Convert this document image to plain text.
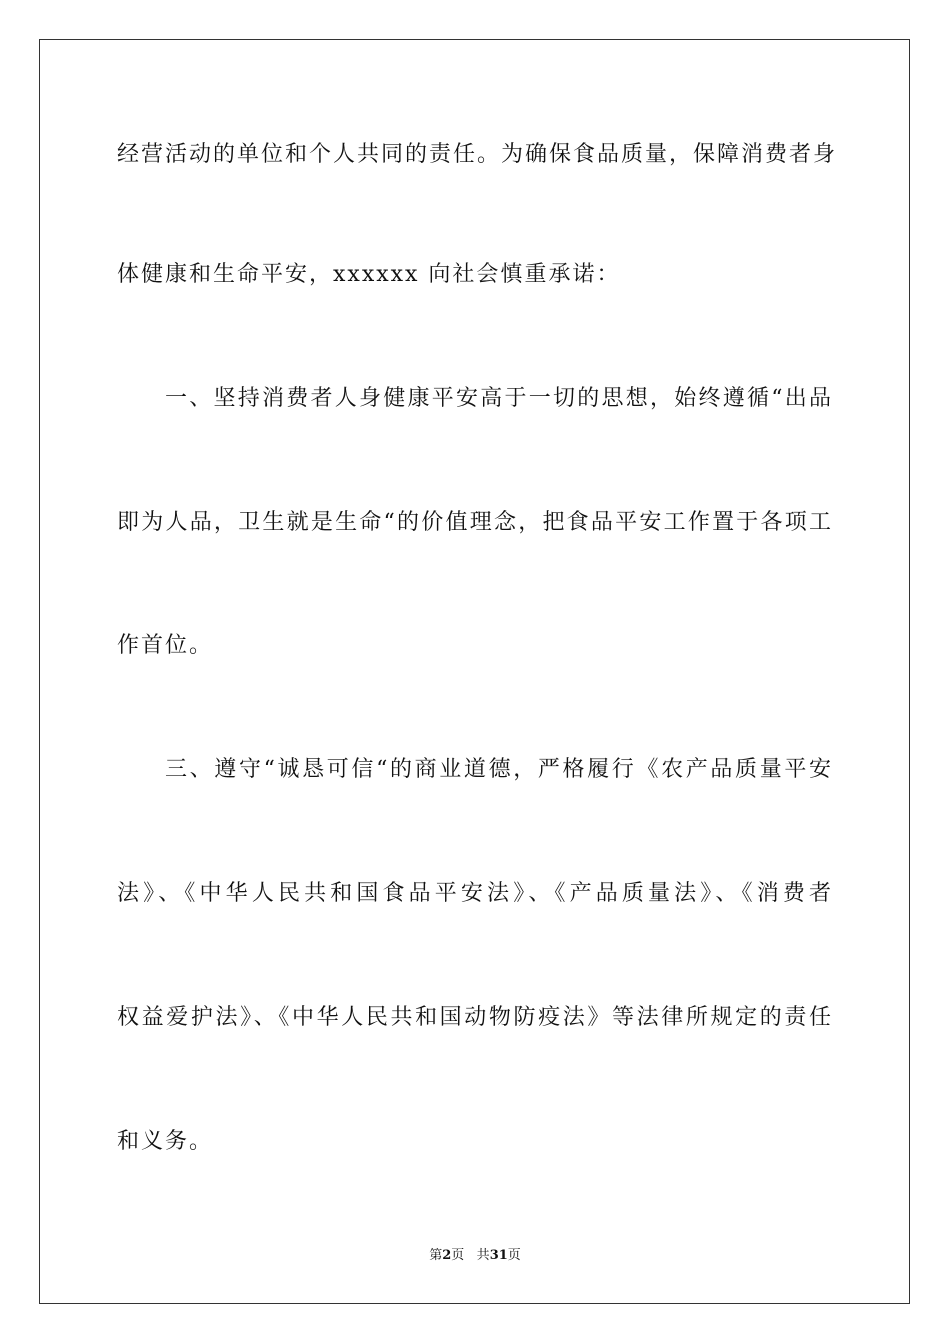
经营活动的单位和个人共同的责任。为确保食品质量，保障消费者身
体健康和生命平安，xxxxxx 向社会慎重承诺：
一、坚持消费者人身健康平安高于一切的思想，始终遵循“出品
即为人品，卫生就是生命“的价值理念，把食品平安工作置于各项工
作首位。
三、遵守“诚恳可信“的商业道德，严格履行《农产品质量平安
法》、《中华人民共和国食品平安法》、《产品质量法》、《消费者
权益爱护法》、《中华人民共和国动物防疫法》等法律所规定的责任
和义务。
第2页 共31页
